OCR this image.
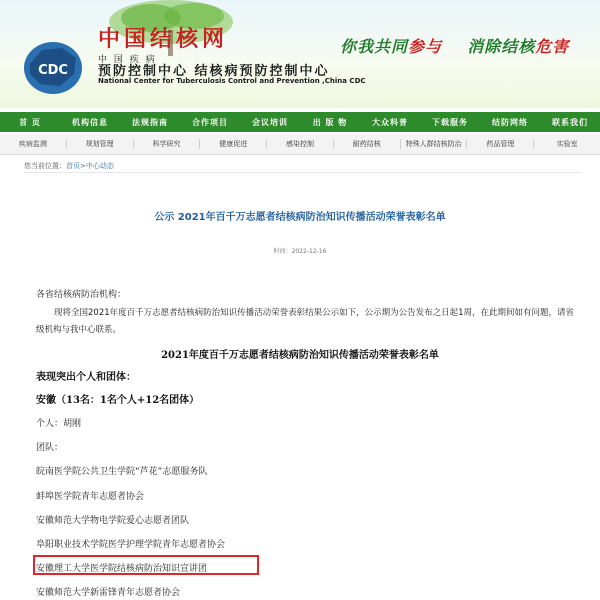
CDC
中国结核网
中 国 疾 病
预防控制中心 结核病预防控制中心
National Center for Tuberculosis Control and Prevention ,China CDC
你我共同参与 消除结核危害
首 页	机构信息	法规指南	合作项目	会议培训	出 版 物	大众科普	下载服务	结防网络	联系我们
疾病监测	规划管理	科学研究	健康促进	感染控制	耐药结核	特殊人群结核防治	药品管理	实验室
您当前位置：首页>中心动态
公示 2021年百千万志愿者结核病防治知识传播活动荣誉表彰名单
时间：2022-12-16
各省结核病防治机构：
现将全国2021年度百千万志愿者结核病防治知识传播活动荣誉表彰结果公示如下，公示期为公告发布之日起1周，在此期间如有问题，请省级机构与我中心联系。
2021年度百千万志愿者结核病防治知识传播活动荣誉表彰名单
表现突出个人和团体：
安徽（13名：1名个人+12名团体）
个人：胡刚
团队：
皖南医学院公共卫生学院“芦花”志愿服务队
蚌埠医学院青年志愿者协会
安徽师范大学物电学院爱心志愿者团队
阜阳职业技术学院医学护理学院青年志愿者协会
安徽理工大学医学院结核病防治知识宣讲团
安徽师范大学新雷锋青年志愿者协会
